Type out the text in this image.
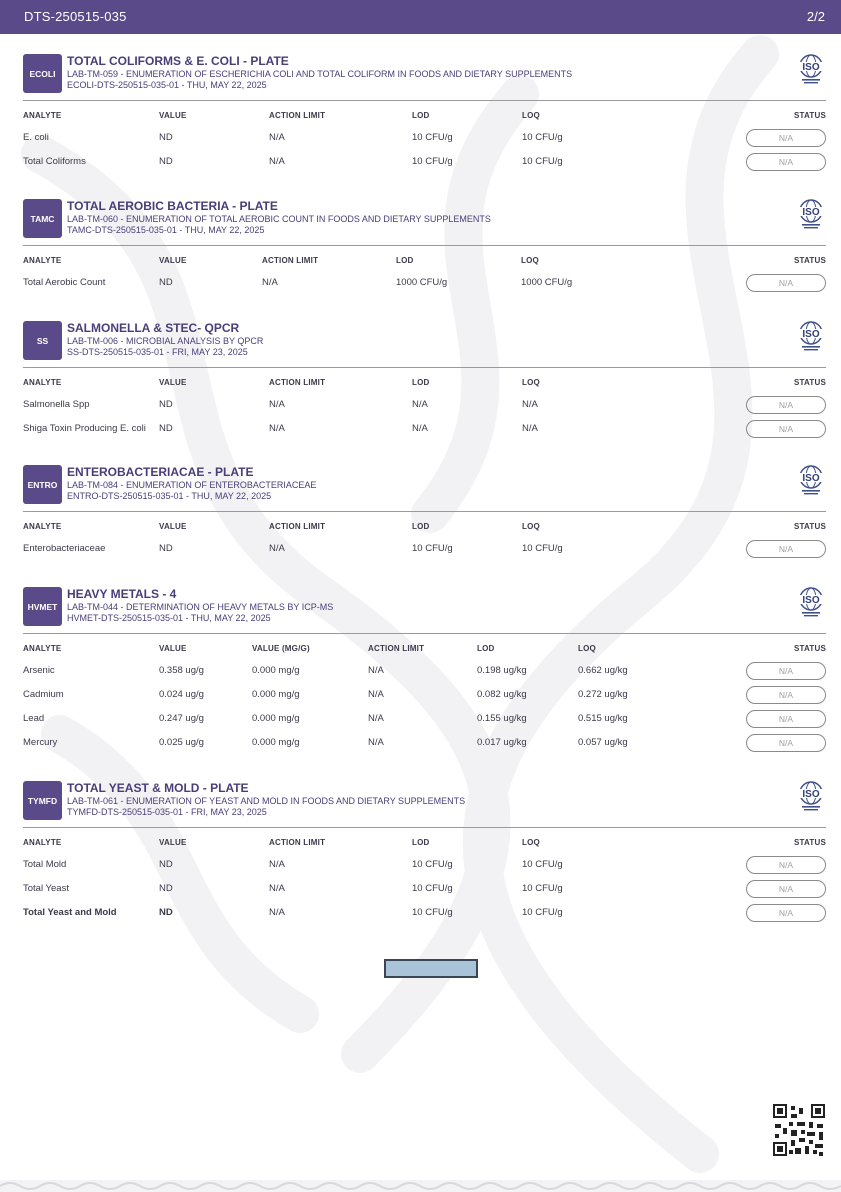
DTS-250515-035	2/2
ECOLI
TOTAL COLIFORMS & E. COLI - PLATE
LAB-TM-059 - ENUMERATION OF ESCHERICHIA COLI AND TOTAL COLIFORM IN FOODS AND DIETARY SUPPLEMENTS
ECOLI-DTS-250515-035-01 - THU, MAY 22, 2025
ISO
ANALYTE	VALUE	ACTION LIMIT	LOD	LOQ	STATUS
E. coli	ND	N/A	10 CFU/g	10 CFU/g	N/A
Total Coliforms	ND	N/A	10 CFU/g	10 CFU/g	N/A
TAMC
TOTAL AEROBIC BACTERIA - PLATE
LAB-TM-060 - ENUMERATION OF TOTAL AEROBIC COUNT IN FOODS AND DIETARY SUPPLEMENTS
TAMC-DTS-250515-035-01 - THU, MAY 22, 2025
ISO
ANALYTE	VALUE	ACTION LIMIT	LOD	LOQ	STATUS
Total Aerobic Count	ND	N/A	1000 CFU/g	1000 CFU/g	N/A
SS
SALMONELLA & STEC- QPCR
LAB-TM-006 - MICROBIAL ANALYSIS BY QPCR
SS-DTS-250515-035-01 - FRI, MAY 23, 2025
ISO
ANALYTE	VALUE	ACTION LIMIT	LOD	LOQ	STATUS
Salmonella Spp	ND	N/A	N/A	N/A	N/A
Shiga Toxin Producing E. coli ND	N/A	N/A	N/A	N/A
ENTRO
ENTEROBACTERIACAE - PLATE
LAB-TM-084 - ENUMERATION OF ENTEROBACTERIACEAE
ENTRO-DTS-250515-035-01 - THU, MAY 22, 2025
ISO
ANALYTE	VALUE	ACTION LIMIT	LOD	LOQ	STATUS
Enterobacteriaceae	ND	N/A	10 CFU/g	10 CFU/g	N/A
HVMET
HEAVY METALS - 4
LAB-TM-044 - DETERMINATION OF HEAVY METALS BY ICP-MS
HVMET-DTS-250515-035-01 - THU, MAY 22, 2025
ISO
ANALYTE	VALUE	VALUE (MG/G)	ACTION LIMIT	LOD	LOQ	STATUS
Arsenic	0.358 ug/g	0.000 mg/g	N/A	0.198 ug/kg	0.662 ug/kg	N/A
Cadmium	0.024 ug/g	0.000 mg/g	N/A	0.082 ug/kg	0.272 ug/kg	N/A
Lead	0.247 ug/g	0.000 mg/g	N/A	0.155 ug/kg	0.515 ug/kg	N/A
Mercury	0.025 ug/g	0.000 mg/g	N/A	0.017 ug/kg	0.057 ug/kg	N/A
TYMFD
TOTAL YEAST & MOLD - PLATE
LAB-TM-061 - ENUMERATION OF YEAST AND MOLD IN FOODS AND DIETARY SUPPLEMENTS
TYMFD-DTS-250515-035-01 - FRI, MAY 23, 2025
ISO
ANALYTE	VALUE	ACTION LIMIT	LOD	LOQ	STATUS
Total Mold	ND	N/A	10 CFU/g	10 CFU/g	N/A
Total Yeast	ND	N/A	10 CFU/g	10 CFU/g	N/A
Total Yeast and Mold	ND	N/A	10 CFU/g	10 CFU/g	N/A
